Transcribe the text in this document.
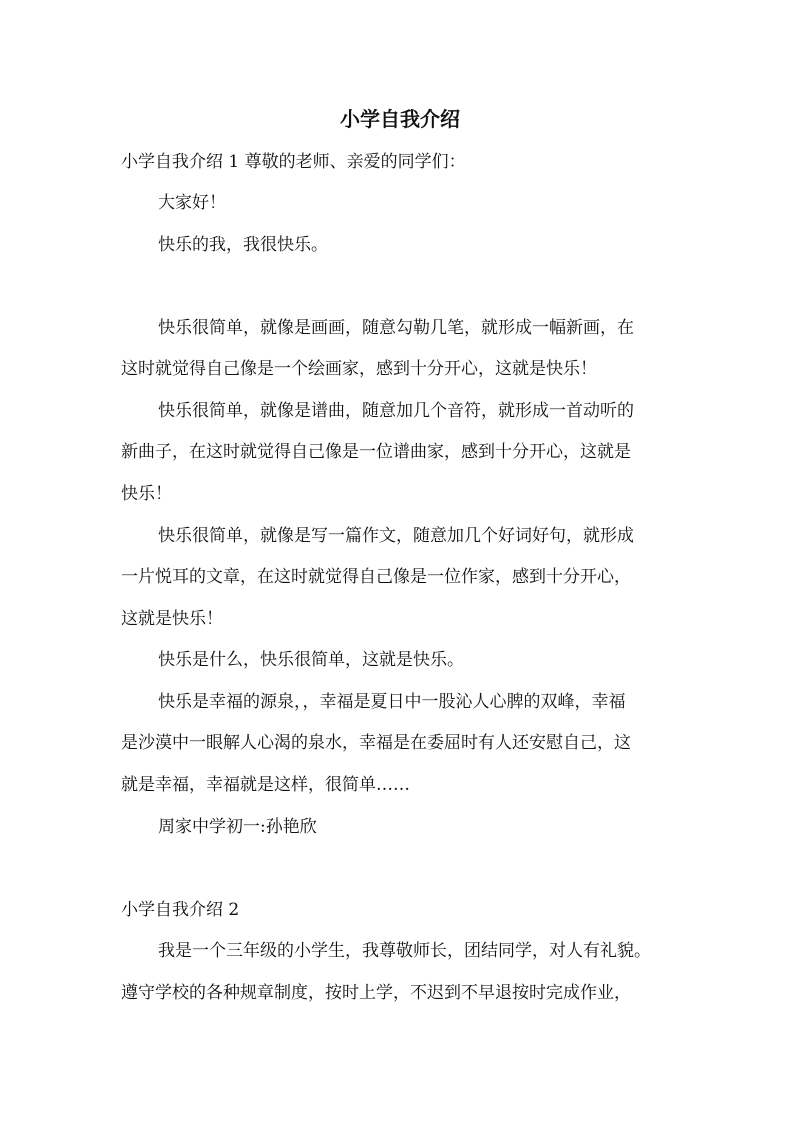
小学自我介绍
小学自我介绍 1 尊敬的老师、亲爱的同学们：
大家好！
快乐的我，我很快乐。
快乐很简单，就像是画画，随意勾勒几笔，就形成一幅新画，在
这时就觉得自己像是一个绘画家，感到十分开心，这就是快乐！
快乐很简单，就像是谱曲，随意加几个音符，就形成一首动听的
新曲子，在这时就觉得自己像是一位谱曲家，感到十分开心，这就是
快乐！
快乐很简单，就像是写一篇作文，随意加几个好词好句，就形成
一片悦耳的文章，在这时就觉得自己像是一位作家，感到十分开心，
这就是快乐！
快乐是什么，快乐很简单，这就是快乐。
快乐是幸福的源泉，，幸福是夏日中一股沁人心脾的双峰，幸福
是沙漠中一眼解人心渴的泉水，幸福是在委屈时有人还安慰自己，这
就是幸福，幸福就是这样，很简单……
周家中学初一:孙艳欣
小学自我介绍 2
我是一个三年级的小学生，我尊敬师长，团结同学，对人有礼貌。
遵守学校的各种规章制度，按时上学，不迟到不早退按时完成作业，
